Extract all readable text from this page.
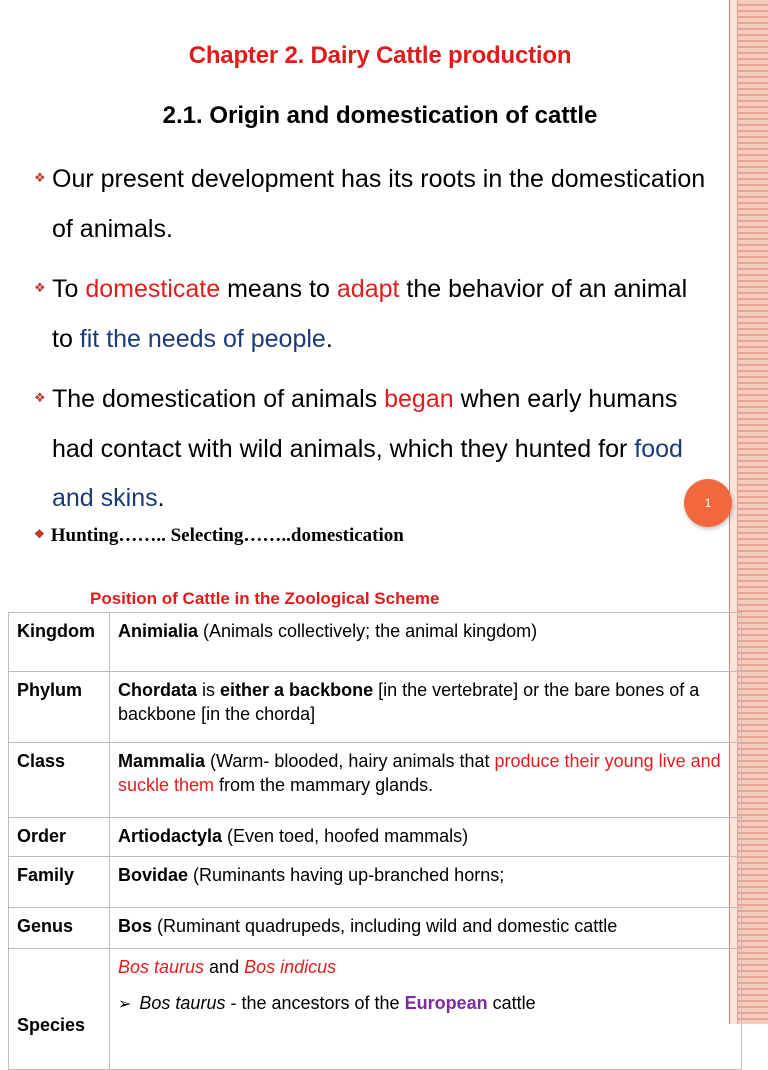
Chapter 2. Dairy Cattle production
2.1. Origin and domestication of cattle
❖ Our present development has its roots in the domestication of animals.
❖ To domesticate means to adapt the behavior of an animal to fit the needs of people.
❖ The domestication of animals began when early humans had contact with wild animals, which they hunted for food and skins.	1
❖ Hunting…….. Selecting……..domestication
Position of Cattle in the Zoological Scheme
Kingdom	Animialia (Animals collectively; the animal kingdom)
Phylum	Chordata is either a backbone [in the vertebrate] or the bare bones of a backbone [in the chorda]
Class	Mammalia (Warm- blooded, hairy animals that produce their young live and suckle them from the mammary glands.
Order	Artiodactyla (Even toed, hoofed mammals)
Family	Bovidae (Ruminants having up-branched horns;
Genus	Bos (Ruminant quadrupeds, including wild and domestic cattle
Species	Bos taurus and Bos indicus
➢ Bos taurus - the ancestors of the European cattle
